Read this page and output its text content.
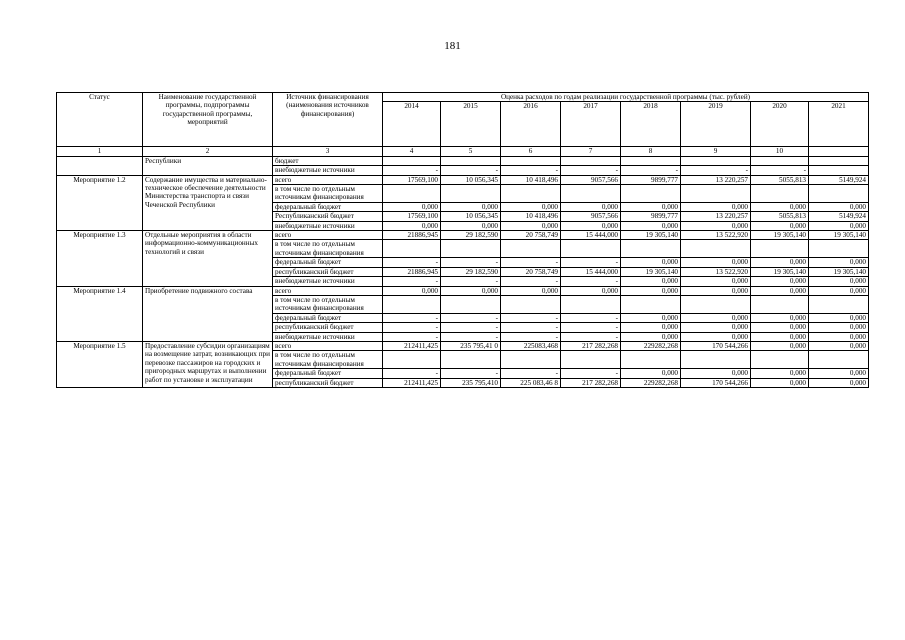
181
Статус	Наименование государственной программы, подпрограммы государственной программы, мероприятий	Источник финансирования (наименования источников финансирования)	Оценка расходов по годам реализации государственной программы (тыс. рублей)							
			2014	2015	2016	2017	2018	2019	2020	2021
1	2	3	4	5	6	7	8	9	10	
	Республики	бюджет								
		внебюджетные источники	-	-	-	-	-	-	-	
Мероприятие 1.2	Содержание имущества и материально-техническое обеспечение деятельности Министерства транспорта и связи Чеченской Республики	всего	17569,100	10 056,345	10 418,496	9057,566	9899,777	13 220,257	5055,813	5149,924
		в том числе по отдельным источникам финансирования								
		федеральный бюджет	0,000	0,000	0,000	0,000	0,000	0,000	0,000	0,000
		Республиканский бюджет	17569,100	10 056,345	10 418,496	9057,566	9899,777	13 220,257	5055,813	5149,924
		внебюджетные источники	0,000	0,000	0,000	0,000	0,000	0,000	0,000	0,000
Мероприятие 1.3	Отдельные мероприятия в области информационно-коммуникационных технологий и связи	всего	21886,945	29 182,590	20 758,749	15 444,000	19 305,140	13 522,920	19 305,140	19 305,140
		в том числе по отдельным источникам финансирования								
		федеральный бюджет	-	-	-	-	0,000	0,000	0,000	0,000
		республиканский бюджет	21886,945	29 182,590	20 758,749	15 444,000	19 305,140	13 522,920	19 305,140	19 305,140
		внебюджетные источники	-	-	-	-	0,000	0,000	0,000	0,000
Мероприятие 1.4	Приобретение подвижного состава	всего	0,000	0,000	0,000	0,000	0,000	0,000	0,000	0,000
		в том числе по отдельным источникам финансирования								
		федеральный бюджет	-	-	-	-	0,000	0,000	0,000	0,000
		республиканский бюджет	-	-	-	-	0,000	0,000	0,000	0,000
		внебюджетные источники	-	-	-	-	0,000	0,000	0,000	0,000
Мероприятие 1.5	Предоставление субсидии организациям на возмещение затрат, возникающих при перевозке пассажиров на городских и пригородных маршрутах и выполнении работ по установке и эксплуатации	всего	212411,425	235 795,41 0	225083,468	217 282,268	229282,268	170 544,266	0,000	0,000
		в том числе по отдельным источникам финансирования								
		федеральный бюджет	-	-	-	-	0,000	0,000	0,000	0,000
		республиканский бюджет	212411,425	235 795,410	225 083,46 8	217 282,268	229282,268	170 544,266	0,000	0,000
